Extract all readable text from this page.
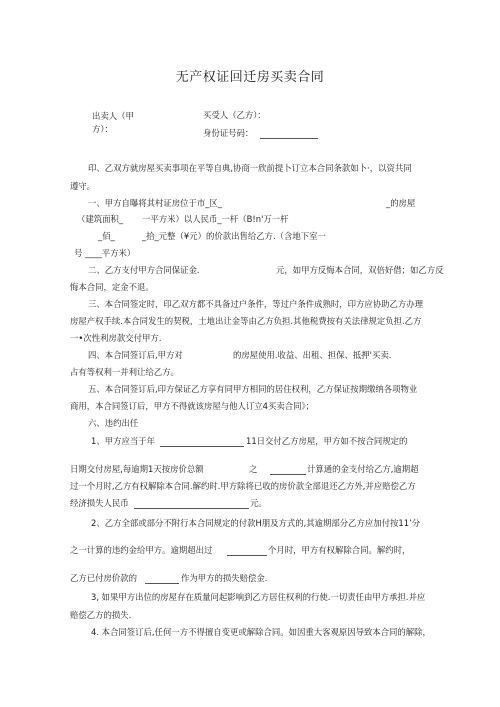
无产权证回迁房买卖合同
出卖人（甲
方）：
买受人（乙方）：
身份证号码：
印、乙双方就房屋买卖事项在平等自典,协商一欣前提卜订立本合同条款如卜·，以资共同
遵守。
一、甲方自曝将其村证房位于市_区_	_的房屋
（建筑面积_ 一平方米）以人民币_一杆（B!n'万一杆
_佰_	_拾_元整（¥元）的价款出售给乙方.（含地下室一
号 ____平方米）
二、乙方支付甲方合同保证金.	元，如甲方反悔本合同，双倍好借；如乙方反
悔本合同，定金不退。
三、本合同签定时，印乙双方都不具备过户条件，等过户条件成熟时，印方应协助乙方办理
房屋产权手续.本合同发生的契税，土地出让金等由乙方负担.其他税费按有关法律规定负担.乙方
一•次性利房款交付甲方.
四、本合同签订后,甲方对	的房屋使用.收益、出租、担保、抵押'买卖.
占有等权利一并利让给乙方。
五、本合同签订后,印方保证乙方享有同甲方相同的居住权利，乙方保证按期缴纳各项物业
商用，本合同签订后，甲方不得就该房屋与他人订立4买卖合同》；
六、违约出任
1、甲方应当于年	11日交付乙方房屋，甲方如不按合同规定的
日期交付房屋,每逾期1天按房价总额	之	计算通的金支付给乙方,逾期超
过一个月时,乙方有权解除本合同.解约时.甲方除将已收的房价款全部退还乙方外,并应赔偿乙方
经济损失人民币	元。
2、乙方全部或部分不附行本合同规定的付款H朋及方式的,其逾期部分乙方应加付按11’分
之一计算的违约金给甲方。逾期超出过	个月时，甲方有权解除合同。解约时，
乙方已付房价款的	作为甲方的损失赔偿金.
3, 如果甲方出位的房屋存在质量问起影响到乙方居住权利的行使.一切责任由甲方承担.并应
赔偿乙方的损失.
4. 本合同签订后,任何一方不得擅自变更或解除合同。如因重大客观原因导致本合同的解除，
